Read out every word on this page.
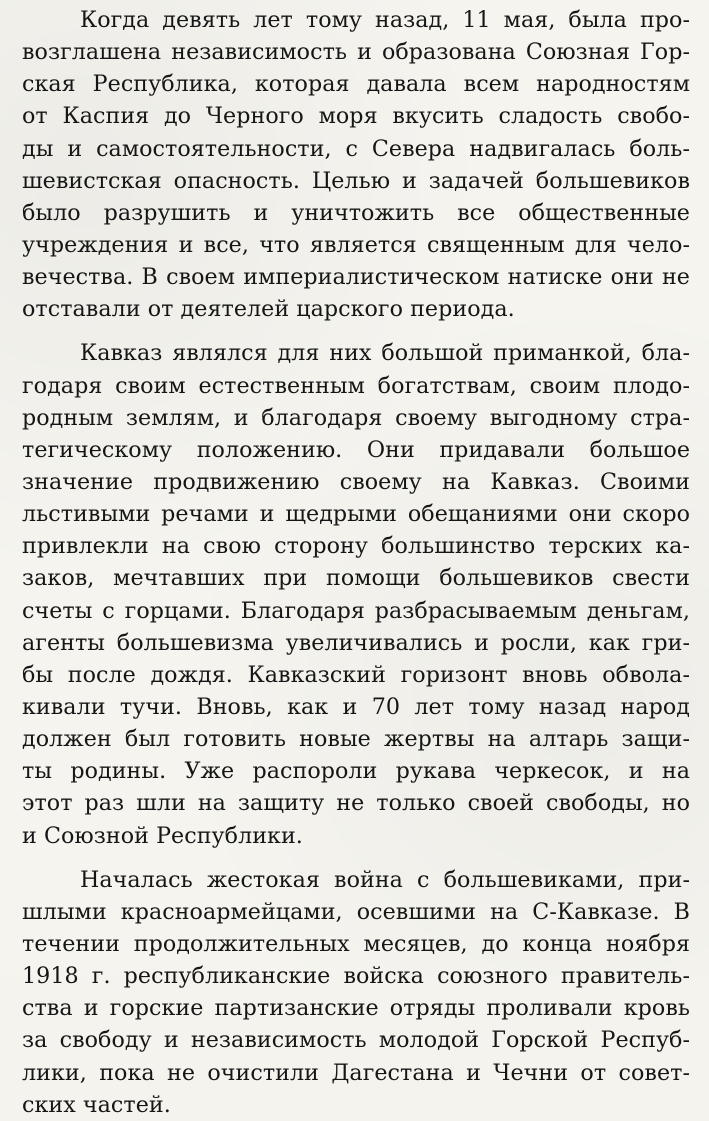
Когда девять лет тому назад, 11 мая, была про-
возглашена независимость и образована Союзная Гор-
ская Республика, которая давала всем народностям
от Каспия до Черного моря вкусить сладость свобо-
ды и самостоятельности, с Севера надвигалась боль-
шевистская опасность. Целью и задачей большевиков
было разрушить и уничтожить все общественные
учреждения и все, что является священным для чело-
вечества. В своем империалистическом натиске они не
отставали от деятелей царского периода.
Кавказ являлся для них большой приманкой, бла-
годаря своим естественным богатствам, своим плодо-
родным землям, и благодаря своему выгодному стра-
тегическому положению. Они придавали большое
значение продвижению своему на Кавказ. Своими
льстивыми речами и щедрыми обещаниями они скоро
привлекли на свою сторону большинство терских ка-
заков, мечтавших при помощи большевиков свести
счеты с горцами. Благодаря разбрасываемым деньгам,
агенты большевизма увеличивались и росли, как гри-
бы после дождя. Кавказский горизонт вновь обвола-
кивали тучи. Вновь, как и 70 лет тому назад народ
должен был готовить новые жертвы на алтарь защи-
ты родины. Уже распороли рукава черкесок, и на
этот раз шли на защиту не только своей свободы, но
и Союзной Республики.
Началась жестокая война с большевиками, при-
шлыми красноармейцами, осевшими на С-Кавказе. В
течении продолжительных месяцев, до конца ноября
1918 г. республиканские войска союзного правитель-
ства и горские партизанские отряды проливали кровь
за свободу и независимость молодой Горской Респуб-
лики, пока не очистили Дагестана и Чечни от совет-
ских частей.
